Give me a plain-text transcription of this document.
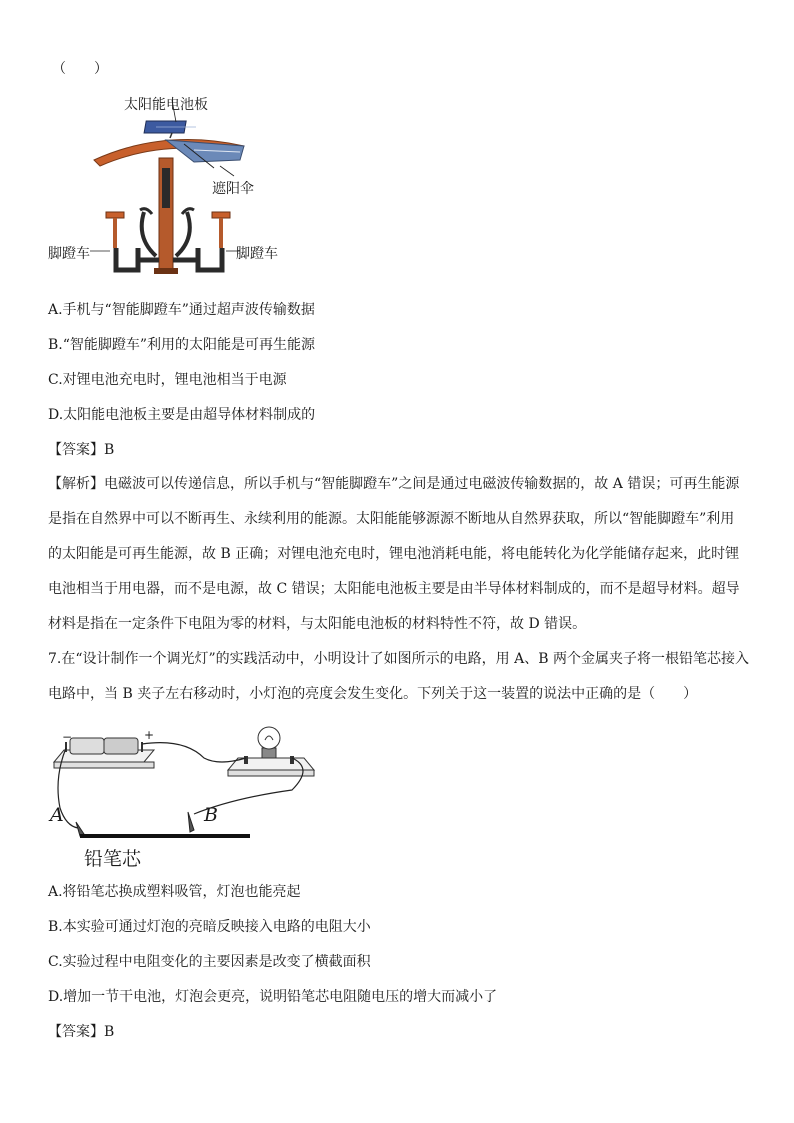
（　　）
太阳能电池板
遮阳伞
脚蹬车	脚蹬车
A.手机与“智能脚蹬车”通过超声波传输数据
B.“智能脚蹬车”利用的太阳能是可再生能源
C.对锂电池充电时，锂电池相当于电源
D.太阳能电池板主要是由超导体材料制成的
【答案】B
【解析】电磁波可以传递信息，所以手机与“智能脚蹬车”之间是通过电磁波传输数据的，故 A 错误；可再生能源
是指在自然界中可以不断再生、永续利用的能源。太阳能能够源源不断地从自然界获取，所以“智能脚蹬车”利用
的太阳能是可再生能源，故 B 正确；对锂电池充电时，锂电池消耗电能，将电能转化为化学能储存起来，此时锂
电池相当于用电器，而不是电源，故 C 错误；太阳能电池板主要是由半导体材料制成的，而不是超导材料。超导
材料是指在一定条件下电阻为零的材料，与太阳能电池板的材料特性不符，故 D 错误。
7.在“设计制作一个调光灯”的实践活动中，小明设计了如图所示的电路，用 A、B 两个金属夹子将一根铅笔芯接入
电路中，当 B 夹子左右移动时，小灯泡的亮度会发生变化。下列关于这一装置的说法中正确的是（　　）
−	+
A	B
铅笔芯
A.将铅笔芯换成塑料吸管，灯泡也能亮起
B.本实验可通过灯泡的亮暗反映接入电路的电阻大小
C.实验过程中电阻变化的主要因素是改变了横截面积
D.增加一节干电池，灯泡会更亮，说明铅笔芯电阻随电压的增大而减小了
【答案】B
